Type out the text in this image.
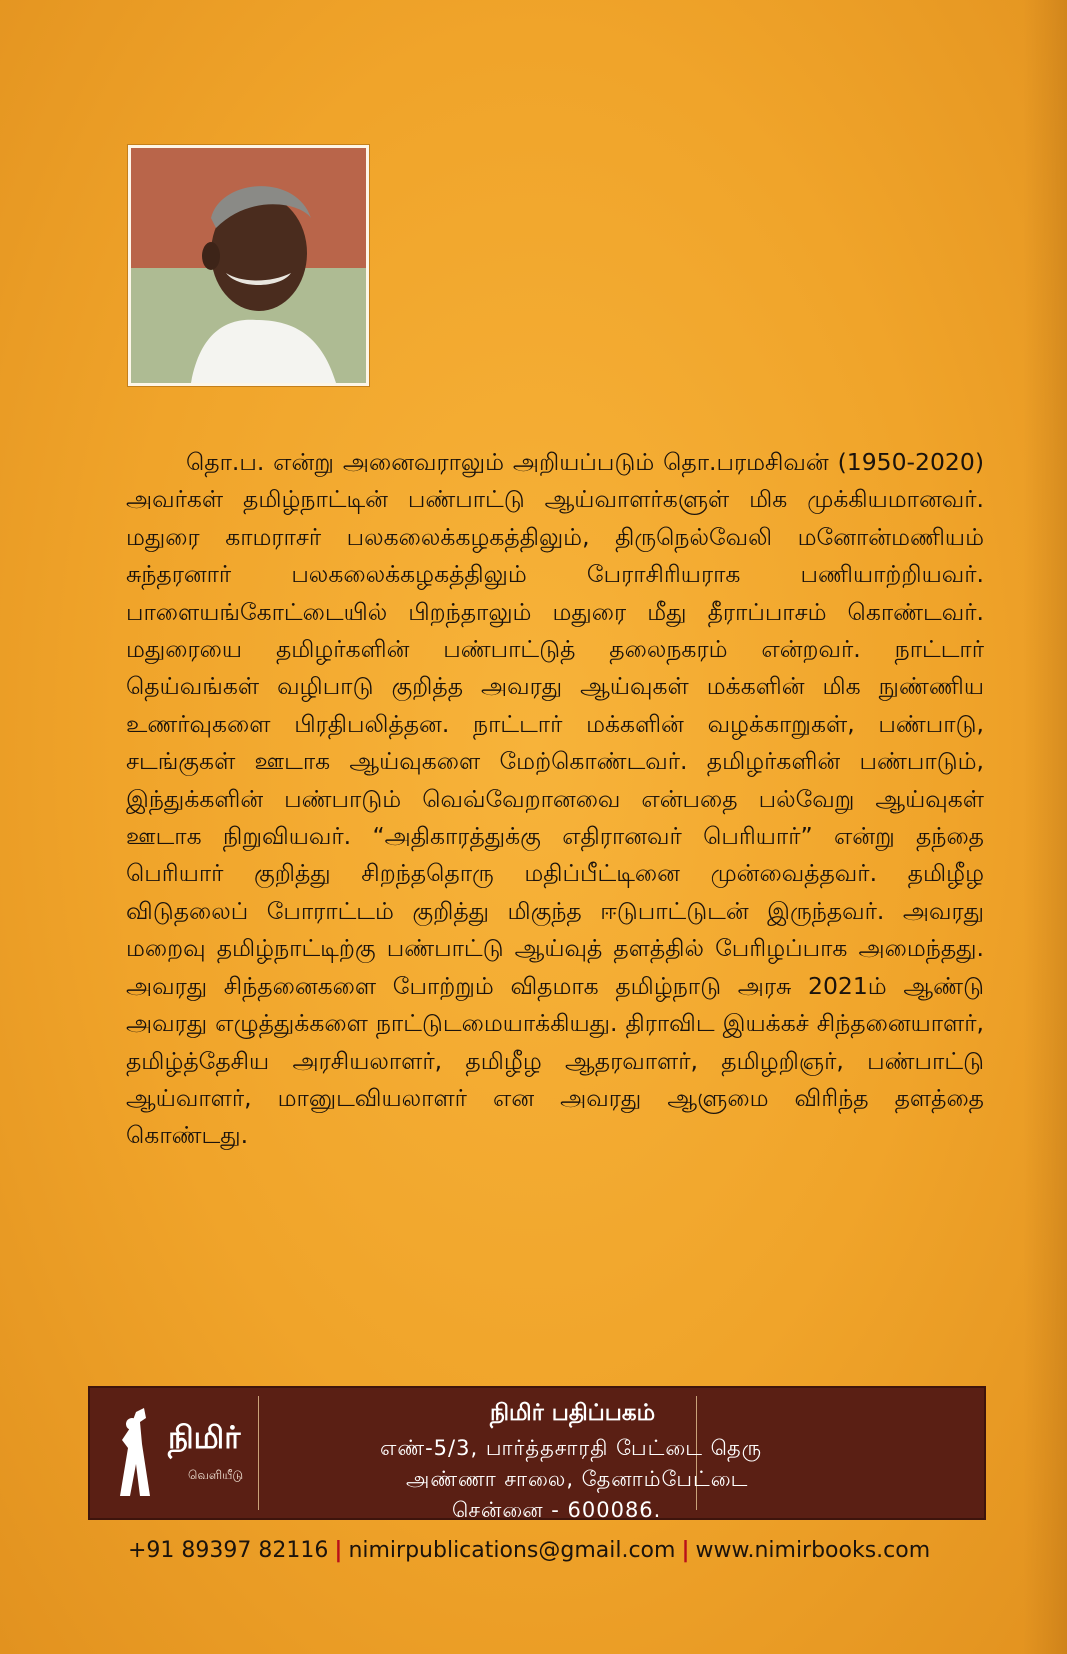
தொ.ப. என்று அனைவராலும் அறியப்படும் தொ.பரமசிவன் (1950-2020) அவர்கள் தமிழ்நாட்டின் பண்பாட்டு ஆய்வாளர்களுள் மிக முக்கியமானவர். மதுரை காமராசர் பலகலைக்கழகத்திலும், திருநெல்வேலி மனோன்மணியம் சுந்தரனார் பலகலைக்கழகத்திலும் பேராசிரியராக பணியாற்றியவர். பாளையங்கோட்டையில் பிறந்தாலும் மதுரை மீது தீராப்பாசம் கொண்டவர். மதுரையை தமிழர்களின் பண்பாட்டுத் தலைநகரம் என்றவர். நாட்டார் தெய்வங்கள் வழிபாடு குறித்த அவரது ஆய்வுகள் மக்களின் மிக நுண்ணிய உணர்வுகளை பிரதிபலித்தன. நாட்டார் மக்களின் வழக்காறுகள், பண்பாடு, சடங்குகள் ஊடாக ஆய்வுகளை மேற்கொண்டவர். தமிழர்களின் பண்பாடும், இந்துக்களின் பண்பாடும் வெவ்வேறானவை என்பதை பல்வேறு ஆய்வுகள் ஊடாக நிறுவியவர். “அதிகாரத்துக்கு எதிரானவர் பெரியார்” என்று தந்தை பெரியார் குறித்து சிறந்ததொரு மதிப்பீட்டினை முன்வைத்தவர். தமிழீழ விடுதலைப் போராட்டம் குறித்து மிகுந்த ஈடுபாட்டுடன் இருந்தவர். அவரது மறைவு தமிழ்நாட்டிற்கு பண்பாட்டு ஆய்வுத் தளத்தில் பேரிழப்பாக அமைந்தது. அவரது சிந்தனைகளை போற்றும் விதமாக தமிழ்நாடு அரசு 2021ம் ஆண்டு அவரது எழுத்துக்களை நாட்டுடமையாக்கியது. திராவிட இயக்கச் சிந்தனையாளர், தமிழ்த்தேசிய அரசியலாளர், தமிழீழ ஆதரவாளர், தமிழறிஞர், பண்பாட்டு ஆய்வாளர், மானுடவியலாளர் என அவரது ஆளுமை விரிந்த தளத்தை கொண்டது.

நிமிர்
வெளியீடு
நிமிர் பதிப்பகம்
எண்-5/3, பார்த்தசாரதி பேட்டை தெரு
அண்ணா சாலை, தேனாம்பேட்டை
சென்னை - 600086.
+91 89397 82116 | nimirpublications@gmail.com | www.nimirbooks.com
